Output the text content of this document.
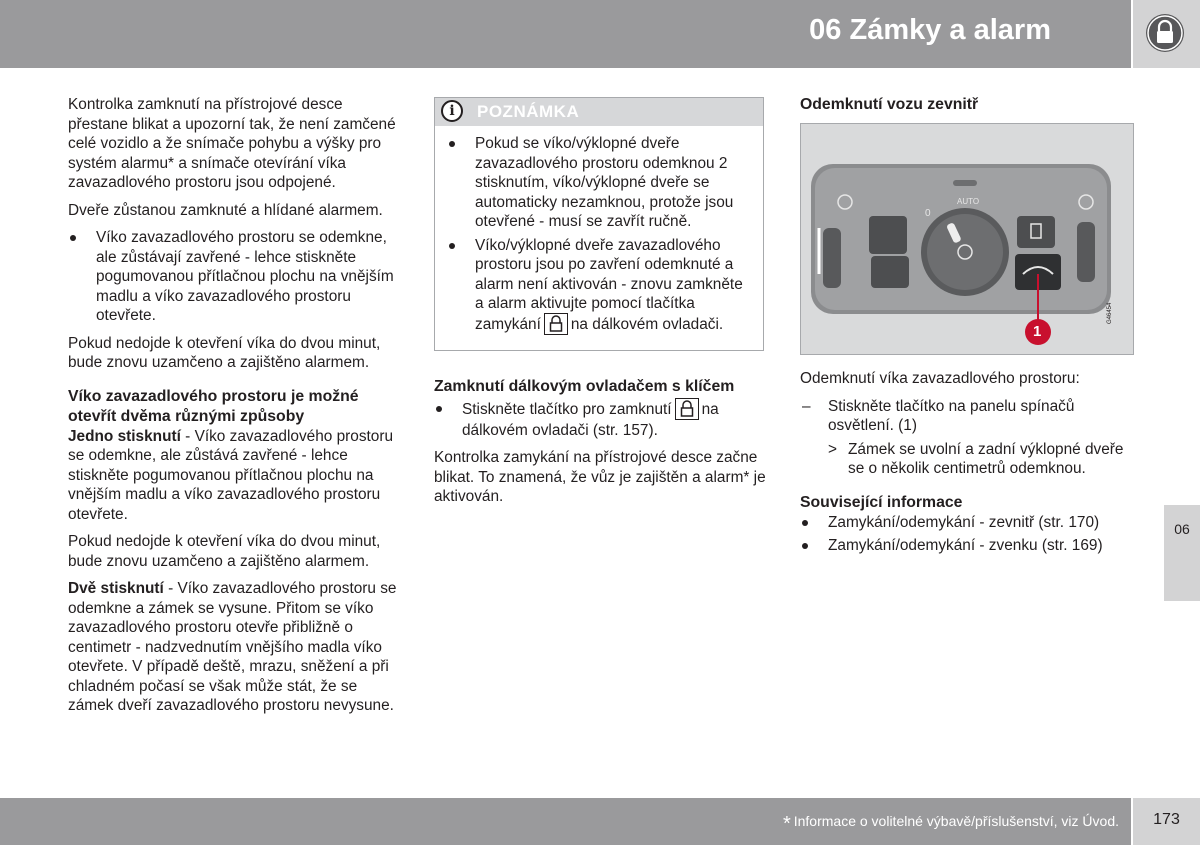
06 Zámky a alarm

Kontrolka zamknutí na přístrojové desce přestane blikat a upozorní tak, že není zamčené celé vozidlo a že snímače pohybu a výšky pro systém alarmu* a snímače otevírání víka zavazadlového prostoru jsou odpojené.

Dveře zůstanou zamknuté a hlídané alarmem.

Víko zavazadlového prostoru se odemkne, ale zůstávají zavřené - lehce stiskněte pogumovanou přítlačnou plochu na vnějším madlu a víko zavazadlového prostoru otevřete.

Pokud nedojde k otevření víka do dvou minut, bude znovu uzamčeno a zajištěno alarmem.

Víko zavazadlového prostoru je možné otevřít dvěma různými způsoby

Jedno stisknutí - Víko zavazadlového prostoru se odemkne, ale zůstává zavřené - lehce stiskněte pogumovanou přítlačnou plochu na vnějším madlu a víko zavazadlového prostoru otevřete.

Pokud nedojde k otevření víka do dvou minut, bude znovu uzamčeno a zajištěno alarmem.

Dvě stisknutí - Víko zavazadlového prostoru se odemkne a zámek se vysune. Přitom se víko zavazadlového prostoru otevře přibližně o centimetr - nadzvednutím vnějšího madla víko otevřete. V případě deště, mrazu, sněžení a při chladném počasí se však může stát, že se zámek dveří zavazadlového prostoru nevysune.

i	POZNÁMKA
Pokud se víko/výklopné dveře zavazadlového prostoru odemknou 2 stisknutím, víko/výklopné dveře se automaticky nezamknou, protože jsou otevřené - musí se zavřít ručně.
Víko/výklopné dveře zavazadlového prostoru jsou po zavření odemknuté a alarm není aktivován - znovu zamkněte a alarm aktivujte pomocí tlačítka zamykání na dálkovém ovladači.
Zamknutí dálkovým ovladačem s klíčem
Stiskněte tlačítko pro zamknutí na dálkovém ovladači (str. 157).

Kontrolka zamykání na přístrojové desce začne blikat. To znamená, že vůz je zajištěn a alarm* je aktivován.

Odemknutí vozu zevnitř
AUTO
0
1
G46454

Odemknutí víka zavazadlového prostoru:

– Stiskněte tlačítko na panelu spínačů osvětlení. (1)
> Zámek se uvolní a zadní výklopné dveře se o několik centimetrů odemknou.
Související informace
Zamykání/odemykání - zevnitř (str. 170)
Zamykání/odemykání - zvenku (str. 169)
06
* Informace o volitelné výbavě/příslušenství, viz Úvod.	173
